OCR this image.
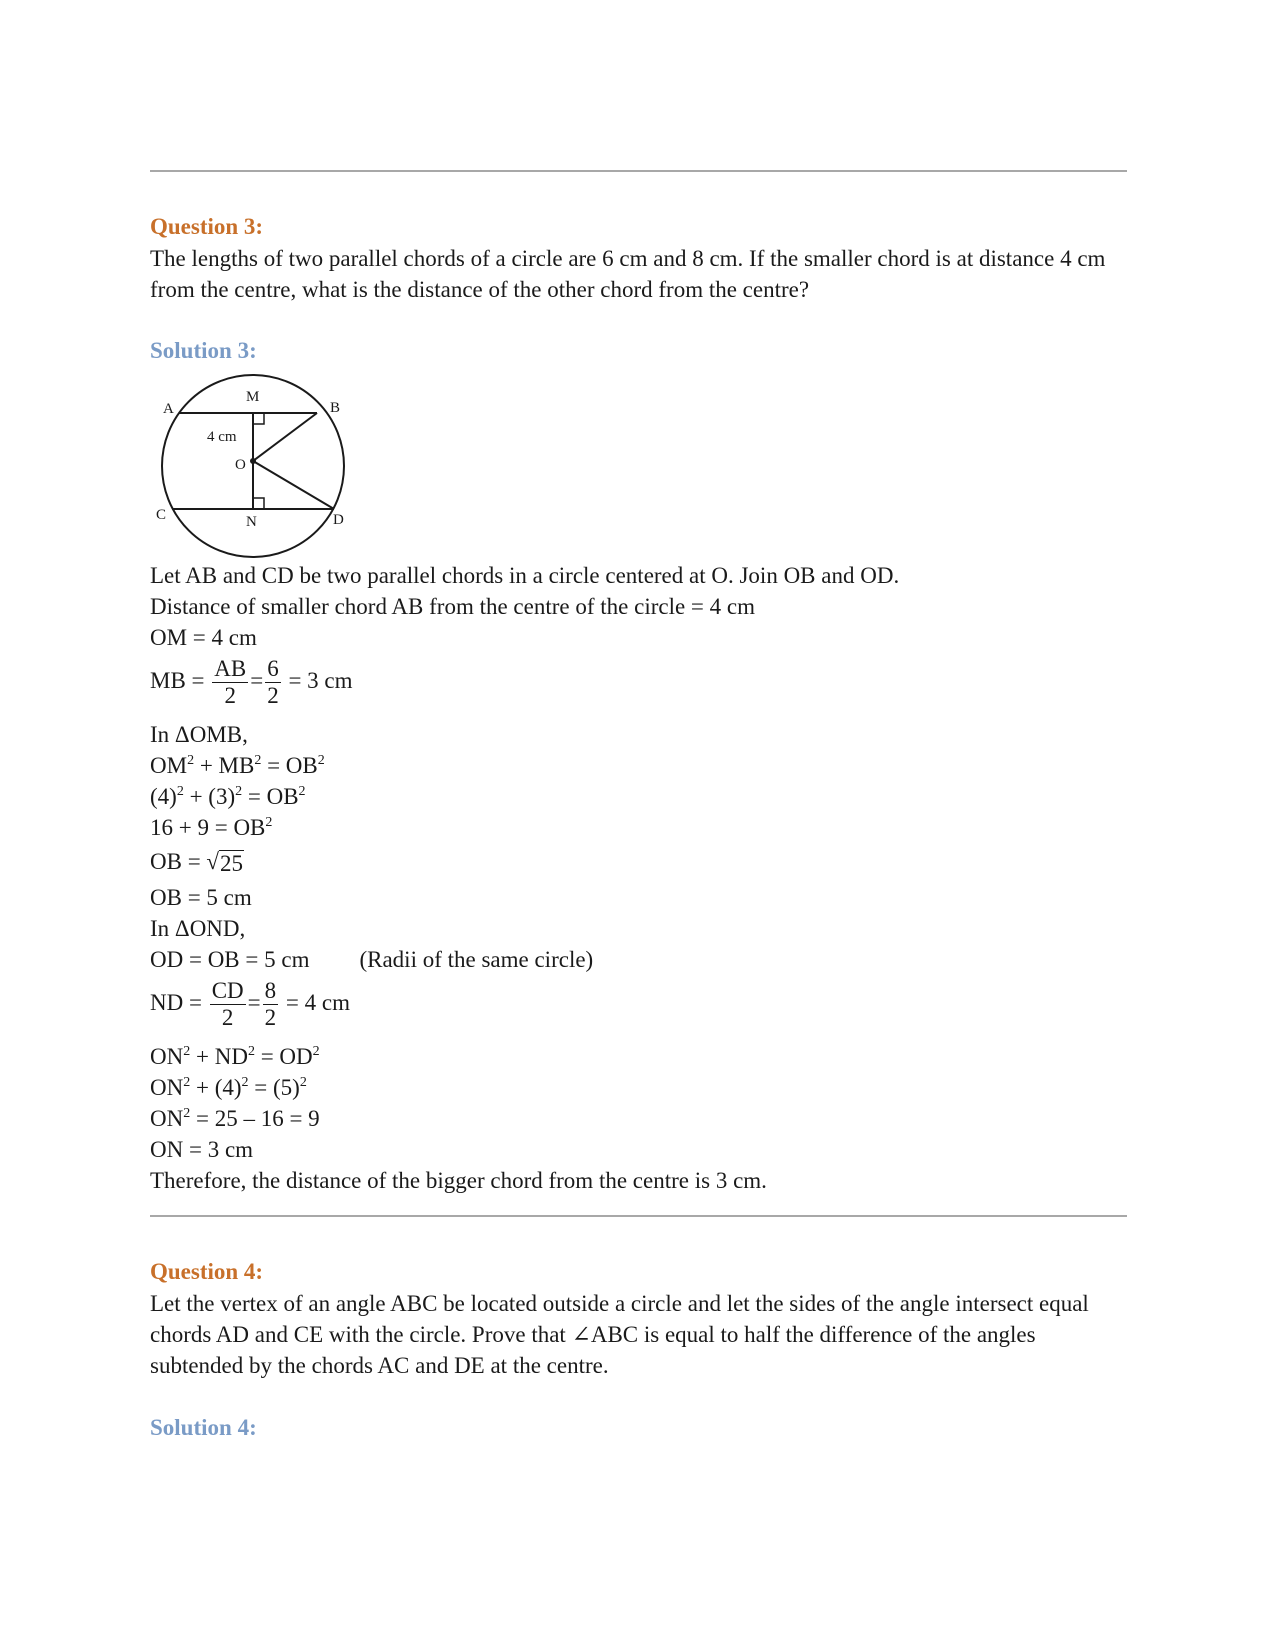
Question 3:
The lengths of two parallel chords of a circle are 6 cm and 8 cm. If the smaller chord is at distance 4 cm from the centre, what is the distance of the other chord from the centre?
Solution 3:
A
M
B
4 cm
O
C	N	D
Let AB and CD be two parallel chords in a circle centered at O. Join OB and OD.
Distance of smaller chord AB from the centre of the circle = 4 cm
OM = 4 cm
MB = $\frac{AB}{2} = \frac{6}{2} = 3$ cm
In ΔOMB,
$OM^2 + MB^2 = OB^2$
$(4)^2 + (3)^2 = OB^2$
$16 + 9 = OB^2$
OB = √ 25
OB = 5 cm
In ΔOND,
OD = OB = 5 cm (Radii of the same circle)
ND = $\frac{CD}{2} = \frac{8}{2} = 4$ cm
$ON^2 + ND^2 = OD^2$
$ON^2 + (4)^2 = (5)^2$
$ON^2 = 25 - 16 = 9$
ON = 3 cm
Therefore, the distance of the bigger chord from the centre is 3 cm.
Question 4:
Let the vertex of an angle ABC be located outside a circle and let the sides of the angle intersect equal chords AD and CE with the circle. Prove that ∠ABC is equal to half the difference of the angles subtended by the chords AC and DE at the centre.
Solution 4:
